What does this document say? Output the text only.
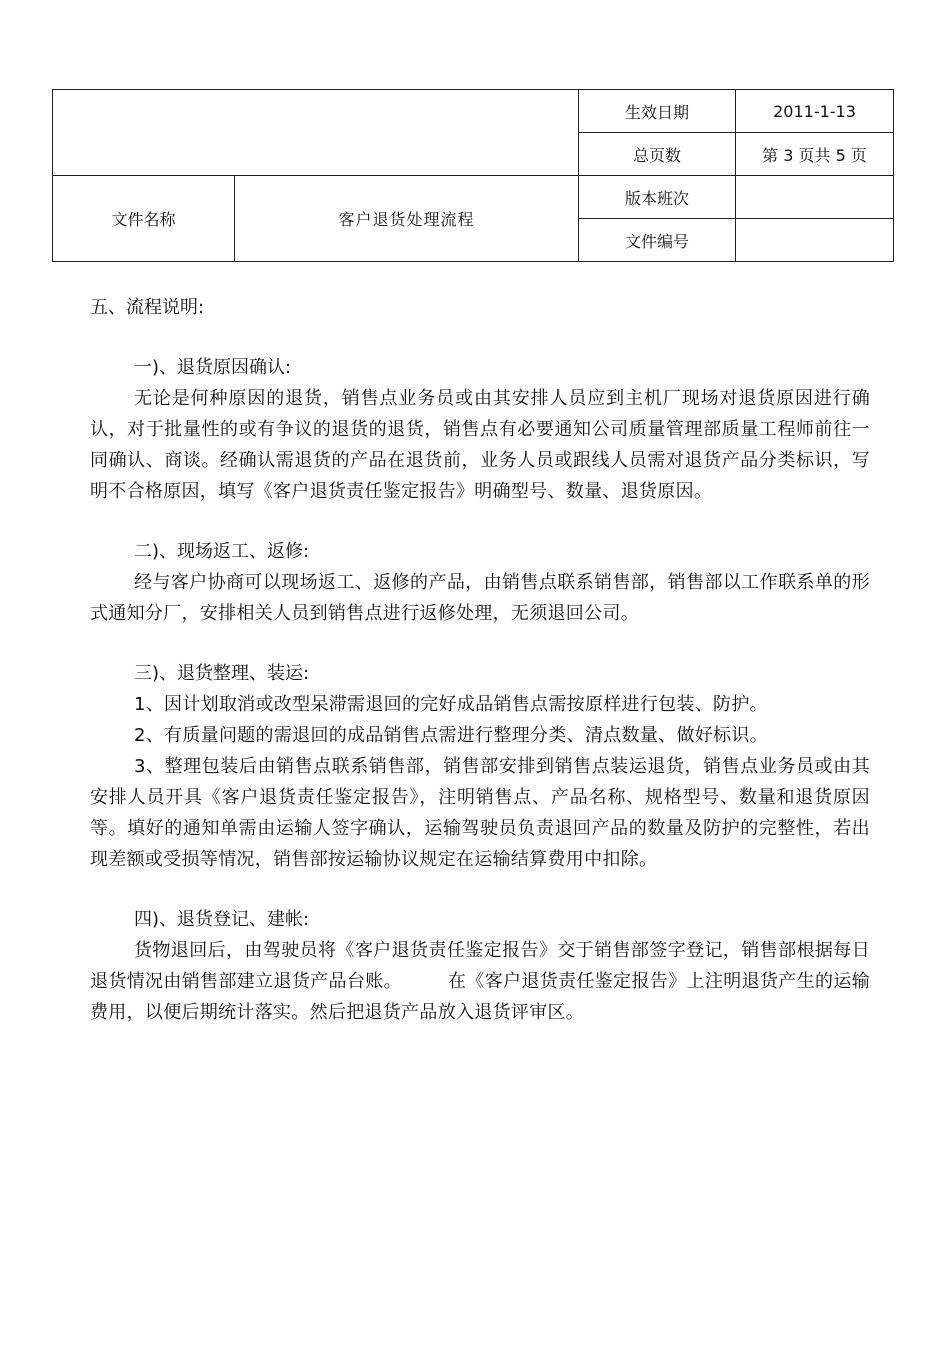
		生效日期	2011-1-13
		总页数	第 3 页共 5 页
文件名称	客户退货处理流程	版本班次	
		文件编号	

五、流程说明:

一)、退货原因确认:

无论是何种原因的退货，销售点业务员或由其安排人员应到主机厂现场对退货原因进行确认，对于批量性的或有争议的退货的退货，销售点有必要通知公司质量管理部质量工程师前往一同确认、商谈。经确认需退货的产品在退货前，业务人员或跟线人员需对退货产品分类标识，写明不合格原因，填写《客户退货责任鉴定报告》明确型号、数量、退货原因。

二)、现场返工、返修:

经与客户协商可以现场返工、返修的产品，由销售点联系销售部，销售部以工作联系单的形式通知分厂，安排相关人员到销售点进行返修处理，无须退回公司。

三)、退货整理、装运:

1、因计划取消或改型呆滞需退回的完好成品销售点需按原样进行包装、防护。

2、有质量问题的需退回的成品销售点需进行整理分类、清点数量、做好标识。

3、整理包装后由销售点联系销售部，销售部安排到销售点装运退货，销售点业务员或由其安排人员开具《客户退货责任鉴定报告》，注明销售点、产品名称、规格型号、数量和退货原因等。填好的通知单需由运输人签字确认，运输驾驶员负责退回产品的数量及防护的完整性，若出现差额或受损等情况，销售部按运输协议规定在运输结算费用中扣除。

四)、退货登记、建帐:

货物退回后，由驾驶员将《客户退货责任鉴定报告》交于销售部签字登记，销售部根据每日退货情况由销售部建立退货产品台账。　　　在《客户退货责任鉴定报告》上注明退货产生的运输费用，以便后期统计落实。然后把退货产品放入退货评审区。
